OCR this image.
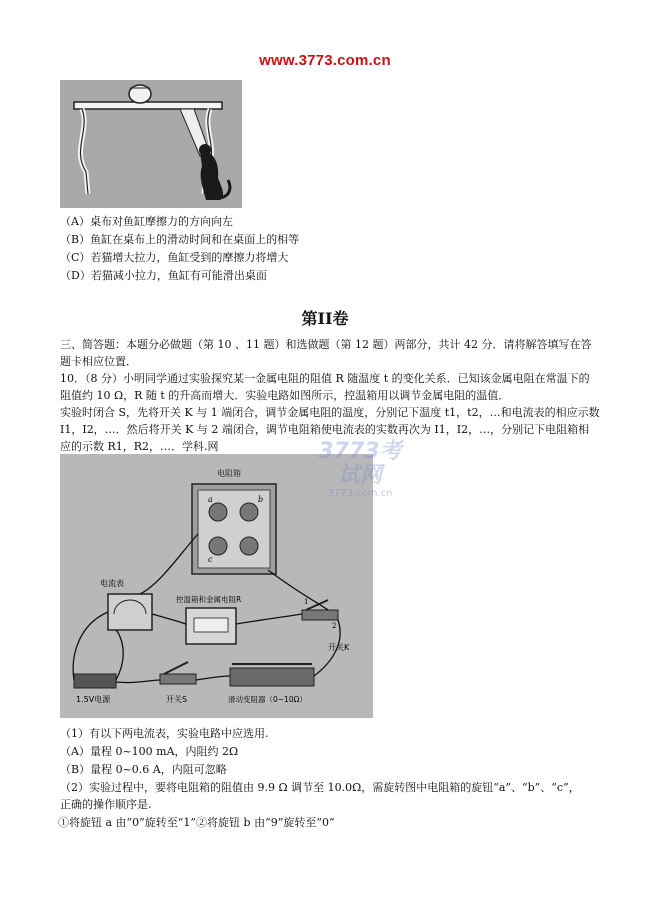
www.3773.com.cn
（A）桌布对鱼缸摩擦力的方向向左
（B）鱼缸在桌布上的滑动时间和在桌面上的相等
（C）若猫增大拉力，鱼缸受到的摩擦力将增大
（D）若猫减小拉力，鱼缸有可能滑出桌面
第II卷
三、简答题：本题分必做题（第 10 、11 题）和选做题（第 12 题）两部分，共计 42 分．请将解答填写在答题卡相应位置．
10．（8 分）小明同学通过实验探究某一金属电阻的阻值 R 随温度 t 的变化关系．已知该金属电阻在常温下的阻值约 10 Ω，R 随 t 的升高而增大．实验电路如图所示，控温箱用以调节金属电阻的温值．
实验时闭合 S，先将开关 K 与 1 端闭合，调节金属电阻的温度，分别记下温度 t1，t2，…和电流表的相应示数 I1，I2，…．然后将开关 K 与 2 端闭合，调节电阻箱使电流表的实数再次为 I1，I2，…，分别记下电阻箱相应的示数 R1，R2，…．学科.网
电阻箱
a	b
c
电流表
控温箱和金属电阻R	1
2
开关K
1.5V电源	开关S	滑动变阻器（0~10Ω）
3773考试网
3773.com.cn
（1）有以下两电流表，实验电路中应选用.
（A）量程 0~100 mA，内阻约 2Ω
（B）量程 0~0.6 A，内阻可忽略
（2）实验过程中，要将电阻箱的阻值由 9.9 Ω 调节至 10.0Ω，需旋转图中电阻箱的旋钮“a”、“b”、“c”，
正确的操作顺序是.
①将旋钮 a 由“0”旋转至“1”②将旋钮 b 由“9”旋转至“0”
